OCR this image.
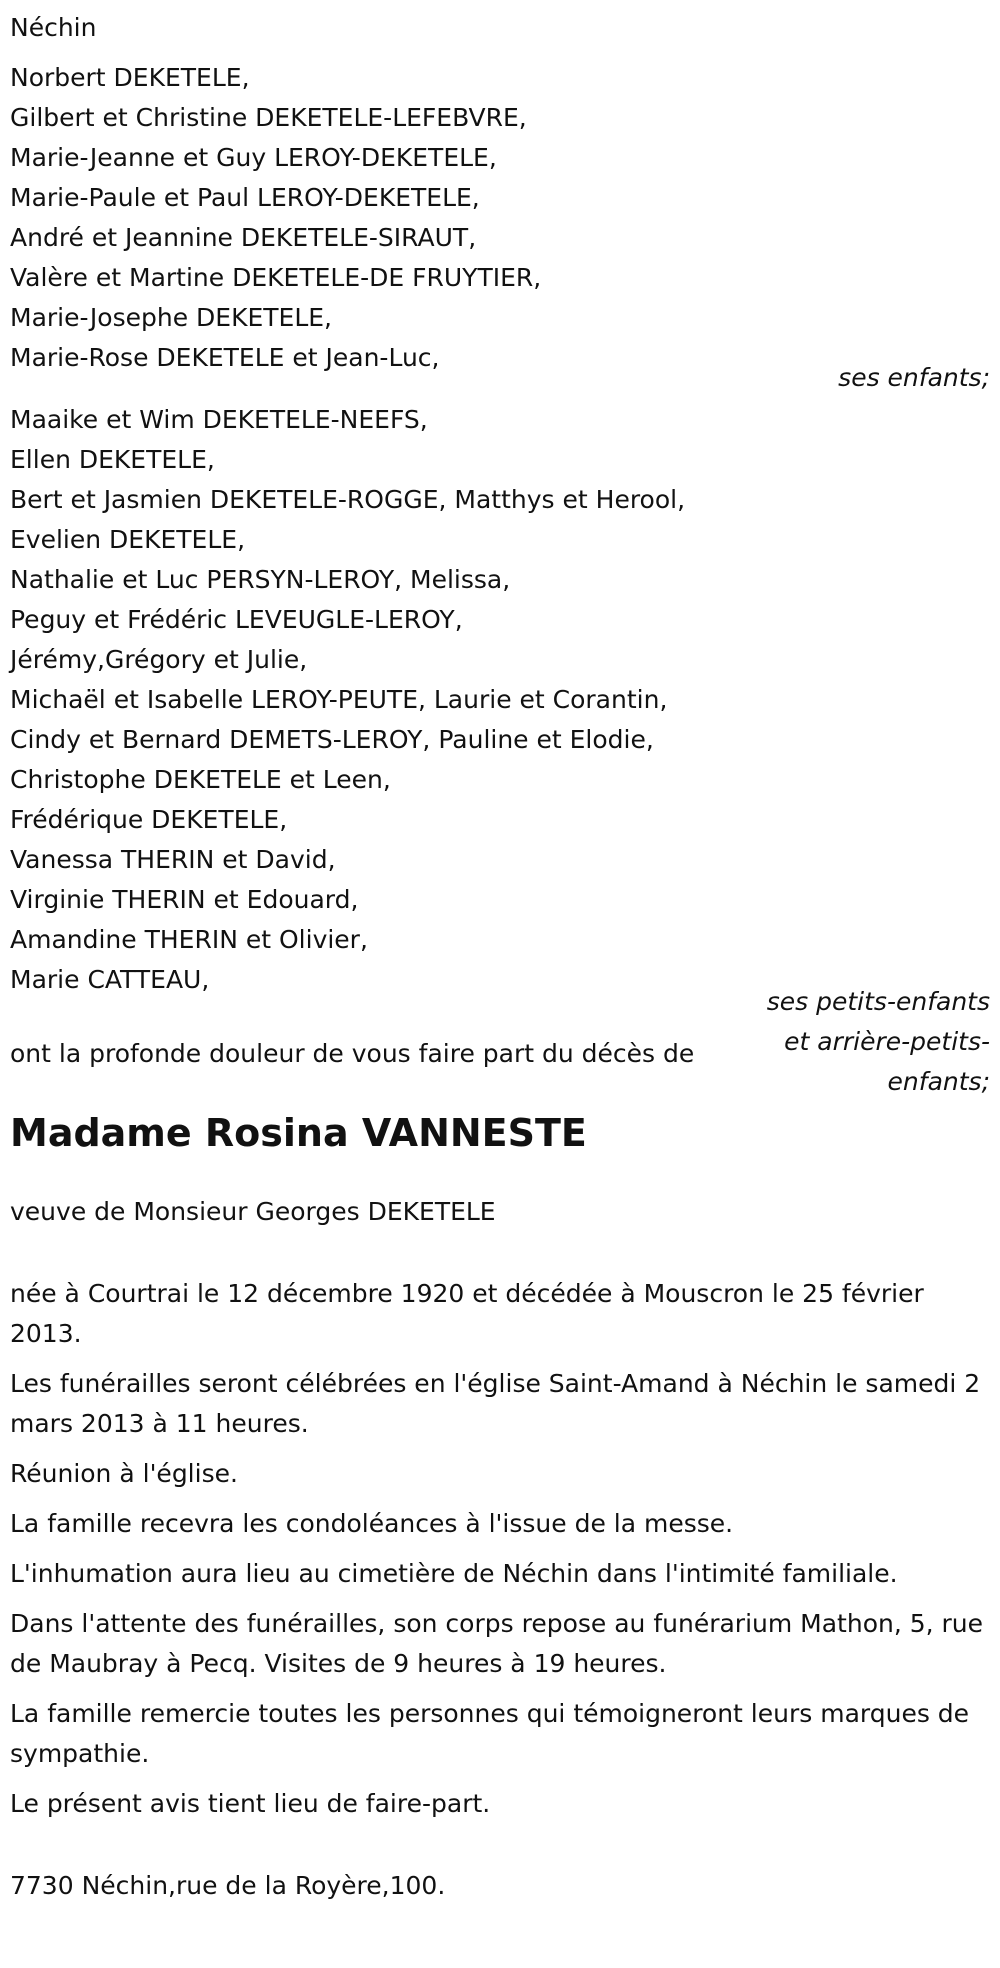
Néchin

Norbert DEKETELE,

Gilbert et Christine DEKETELE-LEFEBVRE,

Marie-Jeanne et Guy LEROY-DEKETELE,

Marie-Paule et Paul LEROY-DEKETELE,

André et Jeannine DEKETELE-SIRAUT,

Valère et Martine DEKETELE-DE FRUYTIER,

Marie-Josephe DEKETELE,

Marie-Rose DEKETELE et Jean-Luc,

ses enfants;

Maaike et Wim DEKETELE-NEEFS,

Ellen DEKETELE,

Bert et Jasmien DEKETELE-ROGGE, Matthys et Herool,

Evelien DEKETELE,

Nathalie et Luc PERSYN-LEROY, Melissa,

Peguy et Frédéric LEVEUGLE-LEROY,

Jérémy,Grégory et Julie,

Michaël et Isabelle LEROY-PEUTE, Laurie et Corantin,

Cindy et Bernard DEMETS-LEROY, Pauline et Elodie,

Christophe DEKETELE et Leen,

Frédérique DEKETELE,

Vanessa THERIN et David,

Virginie THERIN et Edouard,

Amandine THERIN et Olivier,

Marie CATTEAU,

ses petits-enfants et arrière-petits-enfants;

ont la profonde douleur de vous faire part du décès de

Madame Rosina VANNESTE

veuve de Monsieur Georges DEKETELE

née à Courtrai le 12 décembre 1920 et décédée à Mouscron le 25 février 2013.

Les funérailles seront célébrées en l'église Saint-Amand à Néchin le samedi 2 mars 2013 à 11 heures.

Réunion à l'église.

La famille recevra les condoléances à l'issue de la messe.

L'inhumation aura lieu au cimetière de Néchin dans l'intimité familiale.

Dans l'attente des funérailles, son corps repose au funérarium Mathon, 5, rue de Maubray à Pecq. Visites de 9 heures à 19 heures.

La famille remercie toutes les personnes qui témoigneront leurs marques de sympathie.

Le présent avis tient lieu de faire-part.

7730 Néchin,rue de la Royère,100.
